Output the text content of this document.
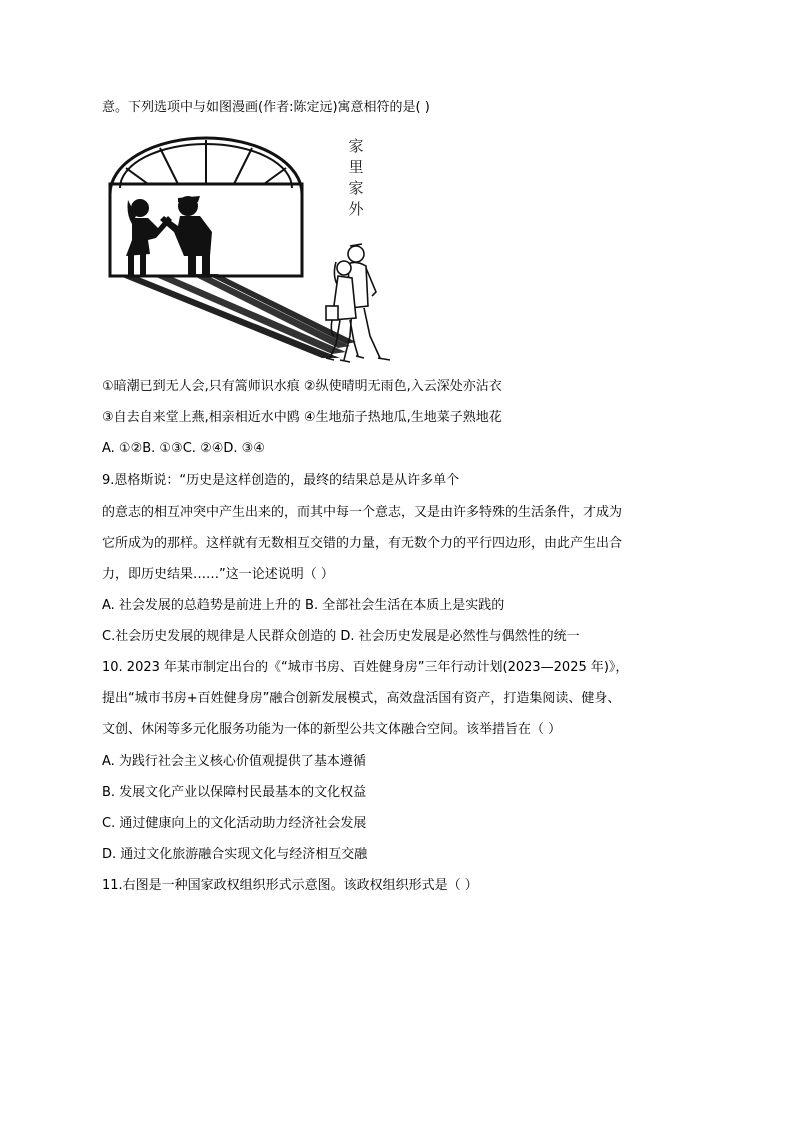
意。下列选项中与如图漫画(作者:陈定远)寓意相符的是( )
家
里
家
外
①暗潮已到无人会,只有篙师识水痕 ②纵使晴明无雨色,入云深处亦沾衣
③自去自来堂上燕,相亲相近水中鸥 ④生地茄子热地瓜,生地菜子熟地花
A. ①②B. ①③C. ②④D. ③④
9.恩格斯说：“历史是这样创造的，最终的结果总是从许多单个
的意志的相互冲突中产生出来的，而其中每一个意志，又是由许多特殊的生活条件，才成为
它所成为的那样。这样就有无数相互交错的力量，有无数个力的平行四边形，由此产生出合
力，即历史结果……”这一论述说明（ ）
A. 社会发展的总趋势是前进上升的 B. 全部社会生活在本质上是实践的
C.社会历史发展的规律是人民群众创造的 D. 社会历史发展是必然性与偶然性的统一
10. 2023 年某市制定出台的《“城市书房、百姓健身房”三年行动计划(2023—2025 年)》，
提出“城市书房+百姓健身房”融合创新发展模式，高效盘活国有资产，打造集阅读、健身、
文创、休闲等多元化服务功能为一体的新型公共文体融合空间。该举措旨在（ ）
A. 为践行社会主义核心价值观提供了基本遵循
B. 发展文化产业以保障村民最基本的文化权益
C. 通过健康向上的文化活动助力经济社会发展
D. 通过文化旅游融合实现文化与经济相互交融
11.右图是一种国家政权组织形式示意图。该政权组织形式是（ ）
